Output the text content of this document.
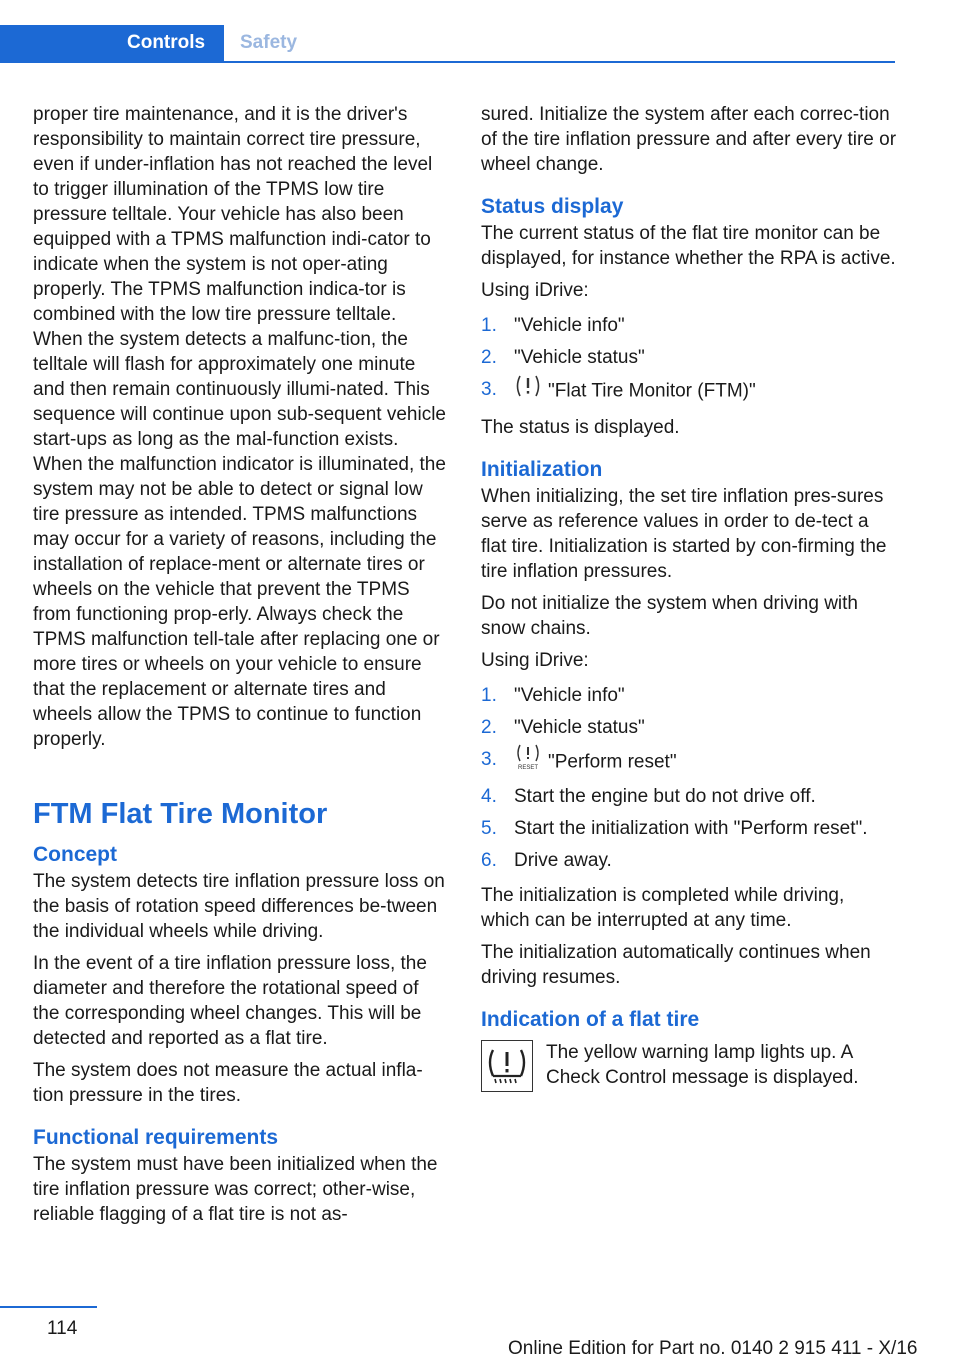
Controls	Safety

proper tire maintenance, and it is the driver's responsibility to maintain correct tire pressure, even if under-inflation has not reached the level to trigger illumination of the TPMS low tire pressure telltale. Your vehicle has also been equipped with a TPMS malfunction indi-cator to indicate when the system is not oper-ating properly. The TPMS malfunction indica-tor is combined with the low tire pressure telltale. When the system detects a malfunc-tion, the telltale will flash for approximately one minute and then remain continuously illumi-nated. This sequence will continue upon sub-sequent vehicle start-ups as long as the mal-function exists. When the malfunction indicator is illuminated, the system may not be able to detect or signal low tire pressure as intended. TPMS malfunctions may occur for a variety of reasons, including the installation of replace-ment or alternate tires or wheels on the vehicle that prevent the TPMS from functioning prop-erly. Always check the TPMS malfunction tell-tale after replacing one or more tires or wheels on your vehicle to ensure that the replacement or alternate tires and wheels allow the TPMS to continue to function properly.

FTM Flat Tire Monitor
Concept

The system detects tire inflation pressure loss on the basis of rotation speed differences be-tween the individual wheels while driving.

In the event of a tire inflation pressure loss, the diameter and therefore the rotational speed of the corresponding wheel changes. This will be detected and reported as a flat tire.

The system does not measure the actual infla-tion pressure in the tires.

Functional requirements

The system must have been initialized when the tire inflation pressure was correct; other-wise, reliable flagging of a flat tire is not as-

sured. Initialize the system after each correc-tion of the tire inflation pressure and after every tire or wheel change.

Status display

The current status of the flat tire monitor can be displayed, for instance whether the RPA is active.

Using iDrive:

1. "Vehicle info"
2. "Vehicle status"
3.	"Flat Tire Monitor (FTM)"

The status is displayed.

Initialization

When initializing, the set tire inflation pres-sures serve as reference values in order to de-tect a flat tire. Initialization is started by con-firming the tire inflation pressures.

Do not initialize the system when driving with snow chains.

Using iDrive:

1. "Vehicle info"
2. "Vehicle status"
3.	RESET "Perform reset"
4. Start the engine but do not drive off.
5. Start the initialization with "Perform reset".
6. Drive away.

The initialization is completed while driving, which can be interrupted at any time.

The initialization automatically continues when driving resumes.

Indication of a flat tire

The yellow warning lamp lights up. A Check Control message is displayed.

114
Online Edition for Part no. 0140 2 915 411 - X/16
